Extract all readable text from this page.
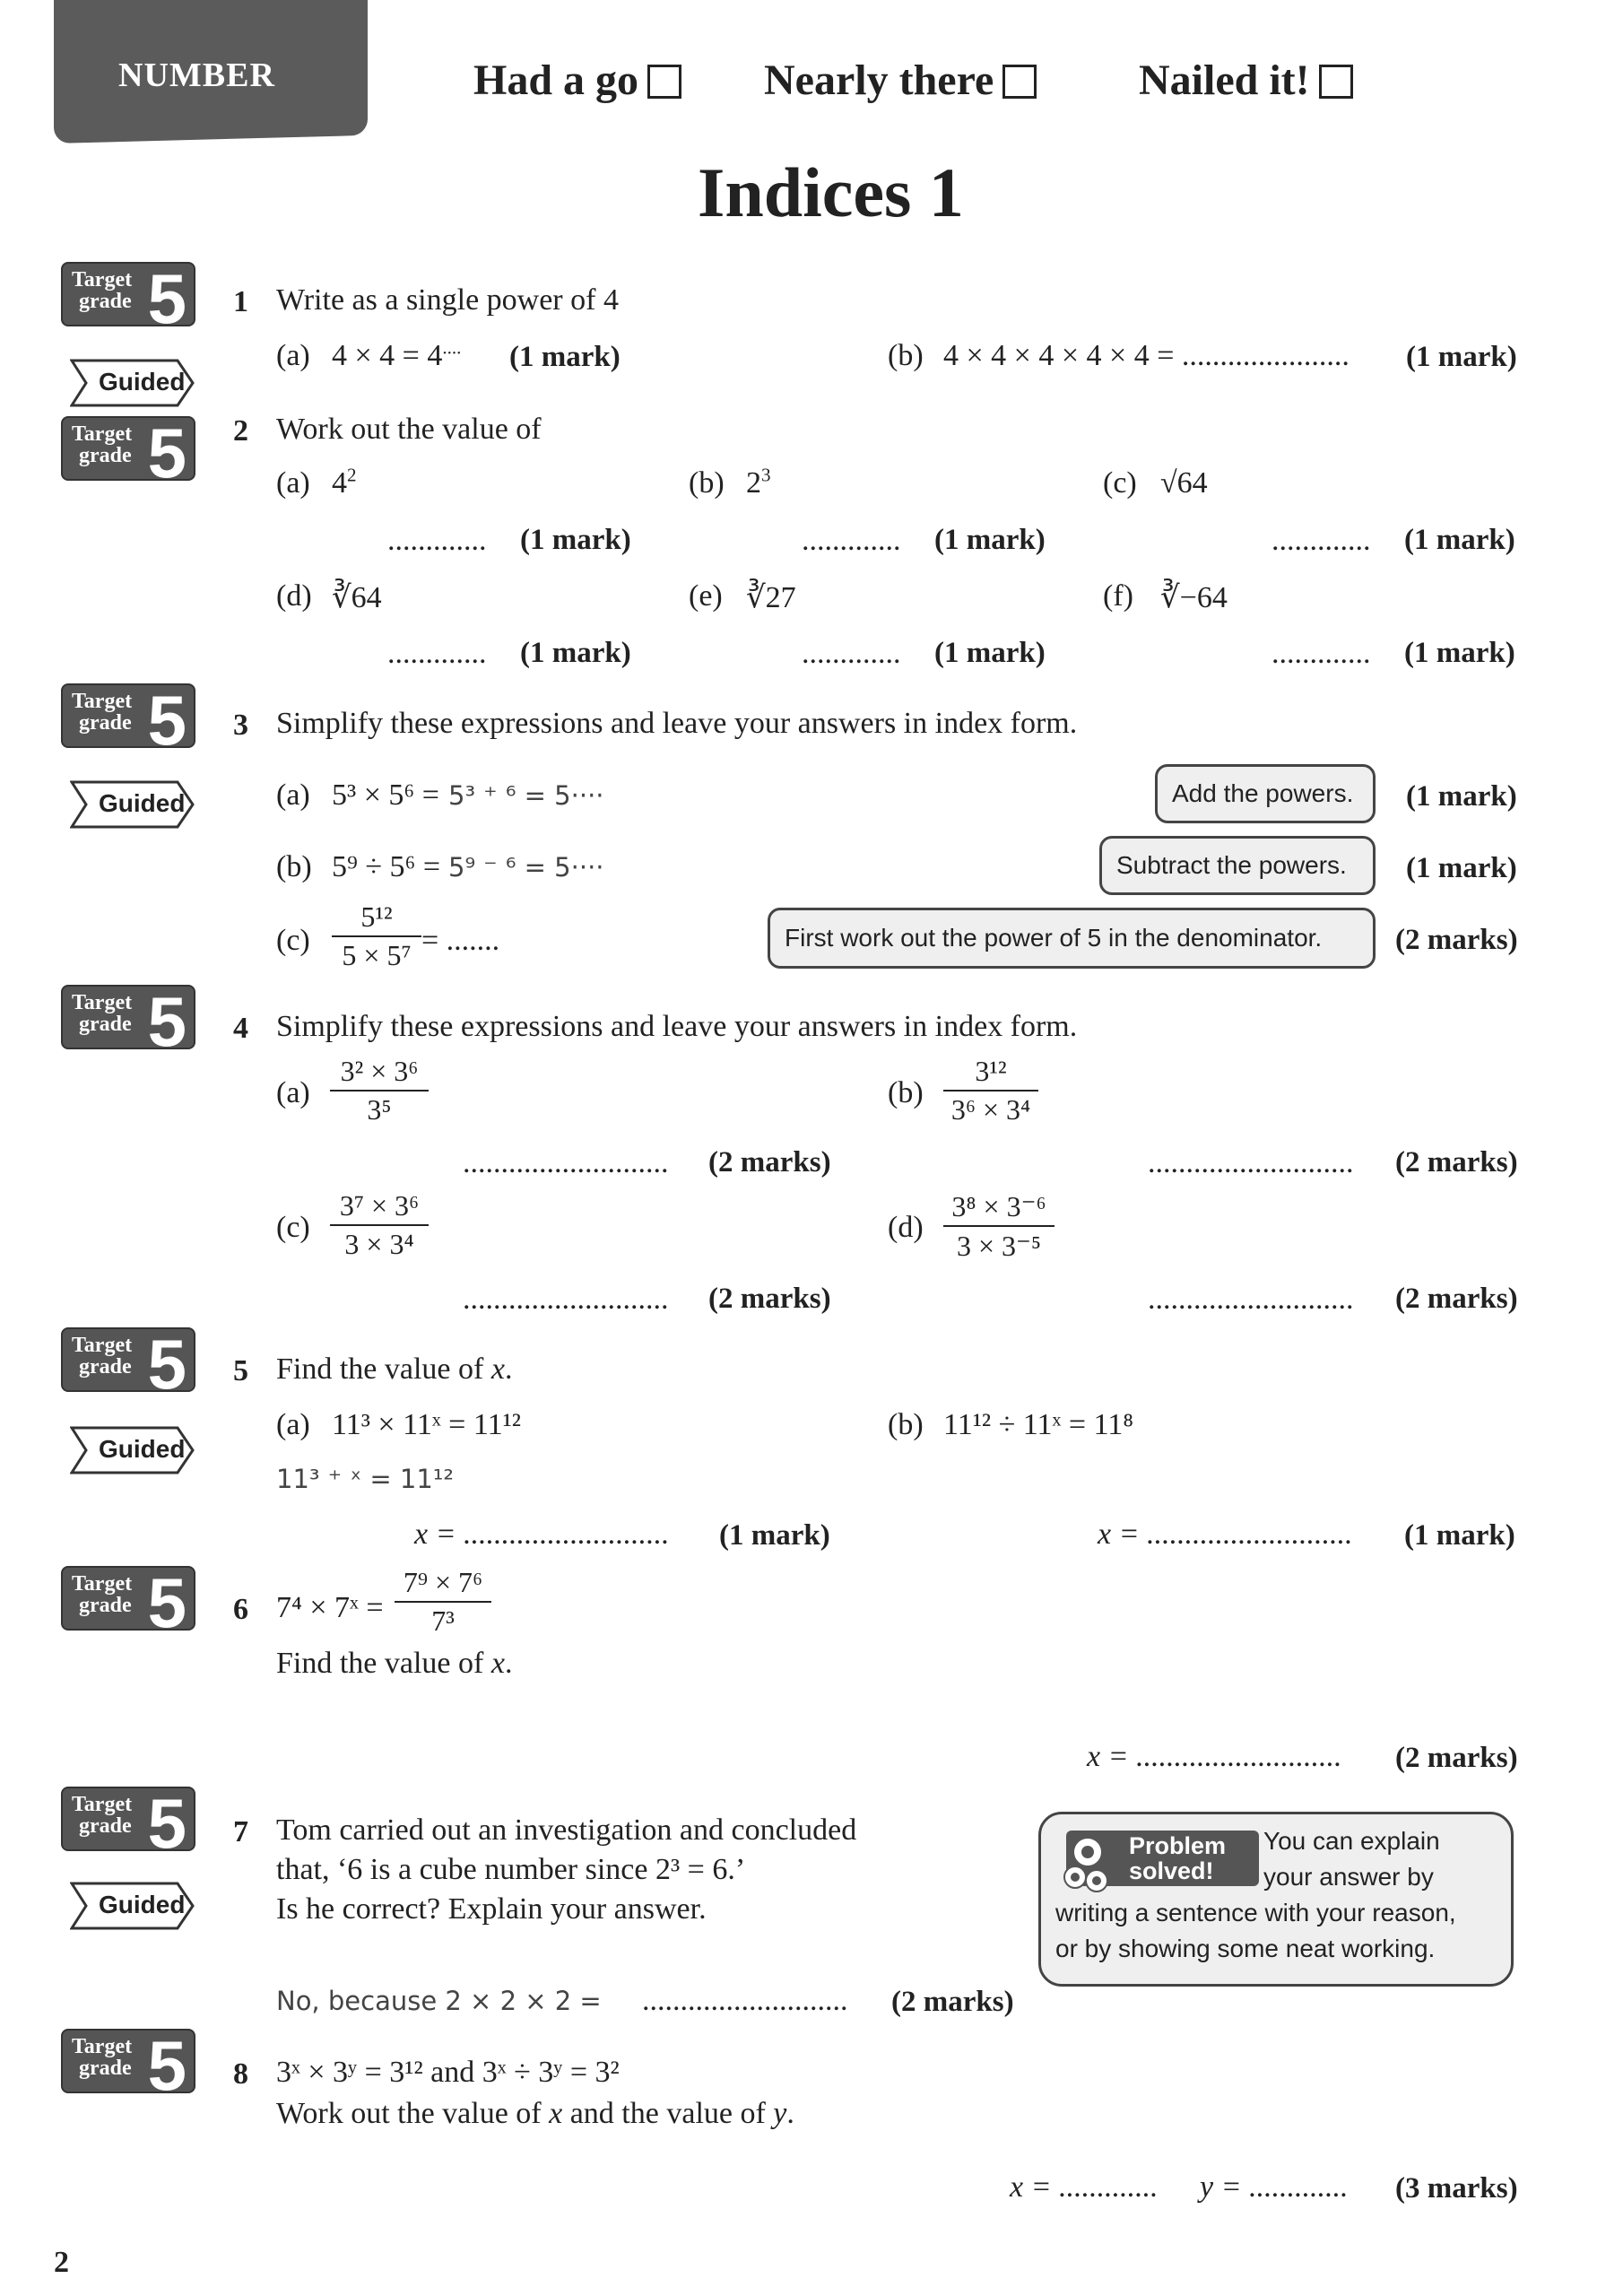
NUMBER	Had a go	Nearly there	Nailed it!
Indices 1
Target
grade 5
Target
grade 5
Target
grade 5
Target
grade 5
Target
grade 5
Target
grade 5
Target
grade 5
Target
grade 5
Guided
Guided
Guided
Guided
1 Write as a single power of 4
(a) 4 × 4 = 4.... (1 mark)	(b) 4 × 4 × 4 × 4 × 4 = ...................... (1 mark)
2 Work out the value of
(a) $4^2$	(b) $2^3$	(c) √64
............. (1 mark)	............. (1 mark)	............. (1 mark)
(d) ∛64	(e) ∛27	(f) ∛−64
............. (1 mark)	............. (1 mark)	............. (1 mark)
3 Simplify these expressions and leave your answers in index form.
(a) 5³ × 5⁶ = 5³ ⁺ ⁶ = 5····	Add the powers. (1 mark)
(b) 5⁹ ÷ 5⁶ = 5⁹ ⁻ ⁶ = 5····	Subtract the powers. (1 mark)
$(c) \frac{\text{5¹²}}{\text{5 × 5⁷}}$ = .......	First work out the power of 5 in the denominator. (2 marks)
4 Simplify these expressions and leave your answers in index form.
$(a) \frac{\text{3² × 3⁶}}{\text{3⁵}}$	$(b) \frac{\text{3¹²}}{\text{3⁶ × 3⁴}}$
........................... (2 marks)	........................... (2 marks)
$(c) \frac{\text{3⁷ × 3⁶}}{\text{3 × 3⁴}}$	$(d) \frac{\text{3⁸ × 3⁻⁶}}{\text{3 × 3⁻⁵}}$
........................... (2 marks)	........................... (2 marks)
5 Find the value of x.
(a) 11³ × 11ˣ = 11¹²	(b) 11¹² ÷ 11ˣ = 11⁸
11³ ⁺ ˣ = 11¹²
x = ........................... (1 mark)	x = ........................... (1 mark)
6 7⁴ × 7ˣ = $\frac{\text{7⁹ × 7⁶}}{\text{7³}}$
Find the value of x.
x = ........................... (2 marks)
7 Tom carried out an investigation and concluded
that, ‘6 is a cube number since 2³ = 6.’
Is he correct? Explain your answer.
No, because 2 × 2 × 2 = ........................... (2 marks)
Problem
solved!
You can explain
your answer by
writing a sentence with your reason,
or by showing some neat working.
8 3ˣ × 3ʸ = 3¹² and 3ˣ ÷ 3ʸ = 3²
Work out the value of x and the value of y.
x = ............. y = ............. (3 marks)
2
